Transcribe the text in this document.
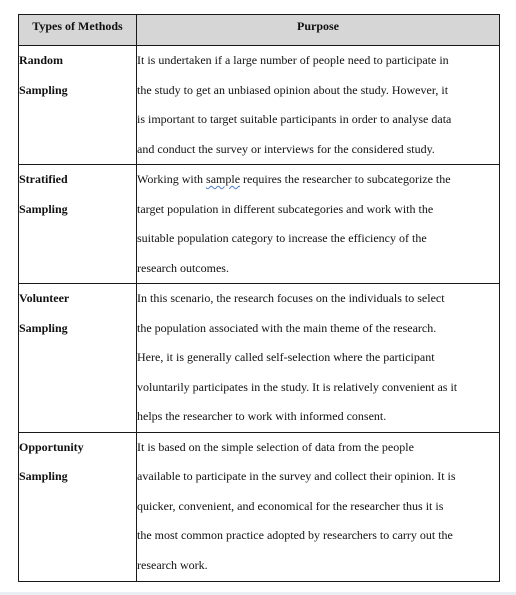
Types of Methods	Purpose

Random
Sampling	It is undertaken if a large number of people need to participate in
the study to get an unbiased opinion about the study. However, it
is important to target suitable participants in order to analyse data
and conduct the survey or interviews for the considered study.

Stratified
Sampling	Working with sample requires the researcher to subcategorize the
target population in different subcategories and work with the
suitable population category to increase the efficiency of the
research outcomes.

Volunteer
Sampling	In this scenario, the research focuses on the individuals to select
the population associated with the main theme of the research.
Here, it is generally called self-selection where the participant
voluntarily participates in the study. It is relatively convenient as it
helps the researcher to work with informed consent.

Opportunity
Sampling	It is based on the simple selection of data from the people
available to participate in the survey and collect their opinion. It is
quicker, convenient, and economical for the researcher thus it is
the most common practice adopted by researchers to carry out the
research work.
